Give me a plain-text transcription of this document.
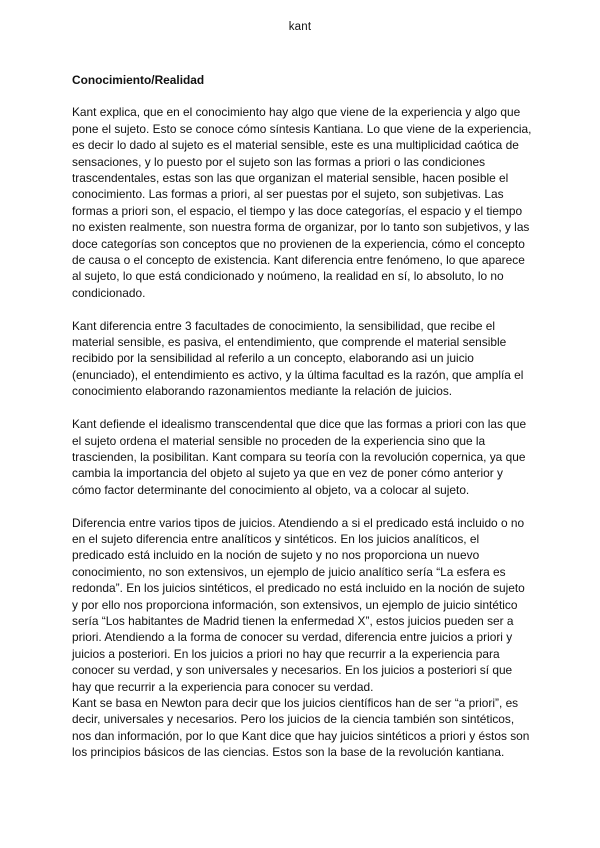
kant

Conocimiento/Realidad

Kant explica, que en el conocimiento hay algo que viene de la experiencia y algo que pone el sujeto. Esto se conoce cómo síntesis Kantiana. Lo que viene de la experiencia, es decir lo dado al sujeto es el material sensible, este es una multiplicidad caótica de sensaciones, y lo puesto por el sujeto son las formas a priori o las condiciones trascendentales, estas son las que organizan el material sensible, hacen posible el conocimiento. Las formas a priori, al ser puestas por el sujeto, son subjetivas. Las formas a priori son, el espacio, el tiempo y las doce categorías, el espacio y el tiempo no existen realmente, son nuestra forma de organizar, por lo tanto son subjetivos, y las doce categorías son conceptos que no provienen de la experiencia, cómo el concepto de causa o el concepto de existencia. Kant diferencia entre fenómeno, lo que aparece al sujeto, lo que está condicionado y noúmeno, la realidad en sí, lo absoluto, lo no condicionado.

Kant diferencia entre 3 facultades de conocimiento, la sensibilidad, que recibe el material sensible, es pasiva, el entendimiento, que comprende el material sensible recibido por la sensibilidad al referilo a un concepto, elaborando asi un juicio (enunciado), el entendimiento es activo, y la última facultad es la razón, que amplía el conocimiento elaborando razonamientos mediante la relación de juicios.

Kant defiende el idealismo transcendental que dice que las formas a priori con las que el sujeto ordena el material sensible no proceden de la experiencia sino que la trascienden, la posibilitan. Kant compara su teoría con la revolución copernica, ya que cambia la importancia del objeto al sujeto ya que en vez de poner cómo anterior y cómo factor determinante del conocimiento al objeto, va a colocar al sujeto.

Diferencia entre varios tipos de juicios. Atendiendo a si el predicado está incluido o no en el sujeto diferencia entre analíticos y sintéticos. En los juicios analíticos, el predicado está incluido en la noción de sujeto y no nos proporciona un nuevo conocimiento, no son extensivos, un ejemplo de juicio analítico sería “La esfera es redonda”. En los juicios sintéticos, el predicado no está incluido en la noción de sujeto y por ello nos proporciona información, son extensivos, un ejemplo de juicio sintético sería “Los habitantes de Madrid tienen la enfermedad X”, estos juicios pueden ser a priori. Atendiendo a la forma de conocer su verdad, diferencia entre juicios a priori y juicios a posteriori. En los juicios a priori no hay que recurrir a la experiencia para conocer su verdad, y son universales y necesarios. En los juicios a posteriori sí que hay que recurrir a la experiencia para conocer su verdad.

Kant se basa en Newton para decir que los juicios científicos han de ser “a priori”, es decir, universales y necesarios. Pero los juicios de la ciencia también son sintéticos, nos dan información, por lo que Kant dice que hay juicios sintéticos a priori y éstos son los principios básicos de las ciencias. Estos son la base de la revolución kantiana.
